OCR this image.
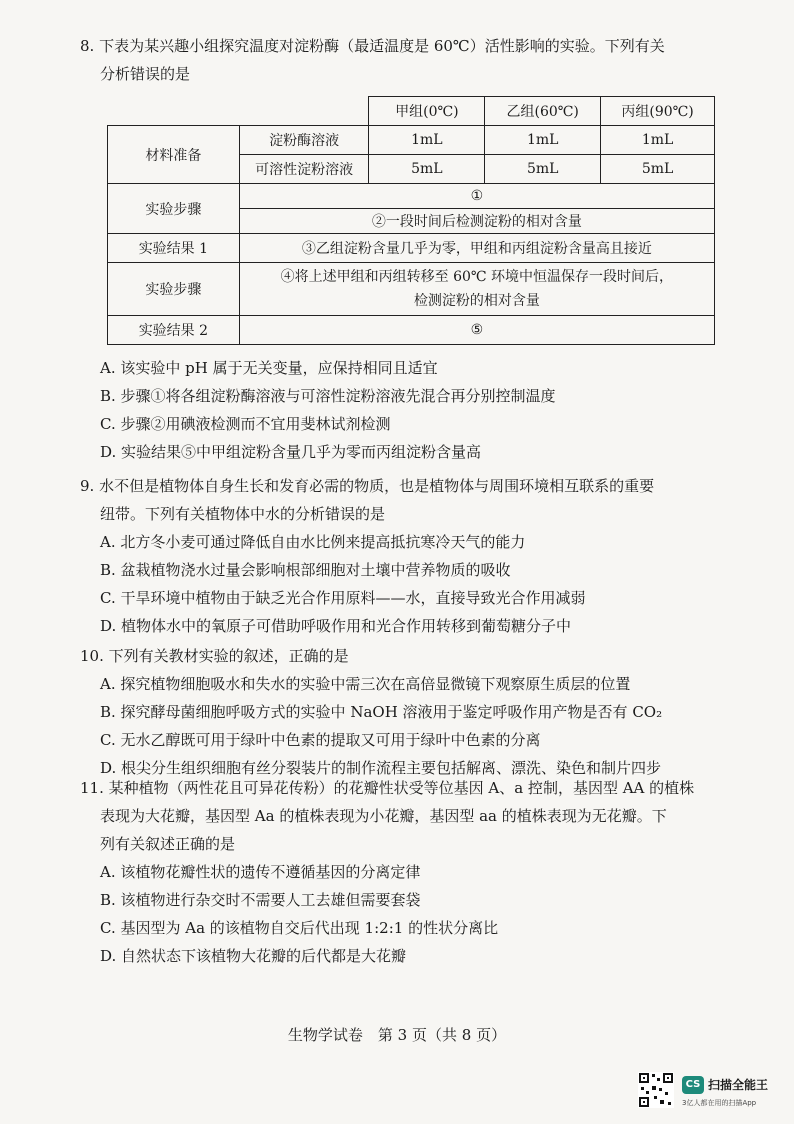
8. 下表为某兴趣小组探究温度对淀粉酶（最适温度是 60℃）活性影响的实验。下列有关

分析错误的是

		甲组(0℃)	乙组(60℃)	丙组(90℃)
材料准备	淀粉酶溶液	1mL	1mL	1mL
	可溶性淀粉溶液	5mL	5mL	5mL
实验步骤	①			
	②一段时间后检测淀粉的相对含量			
实验结果 1	③乙组淀粉含量几乎为零，甲组和丙组淀粉含量高且接近			
实验步骤	④将上述甲组和丙组转移至 60℃ 环境中恒温保存一段时间后，
检测淀粉的相对含量			

实验结果 2	⑤			

A. 该实验中 pH 属于无关变量，应保持相同且适宜

B. 步骤①将各组淀粉酶溶液与可溶性淀粉溶液先混合再分别控制温度

C. 步骤②用碘液检测而不宜用斐林试剂检测

D. 实验结果⑤中甲组淀粉含量几乎为零而丙组淀粉含量高

9. 水不但是植物体自身生长和发育必需的物质，也是植物体与周围环境相互联系的重要

纽带。下列有关植物体中水的分析错误的是

A. 北方冬小麦可通过降低自由水比例来提高抵抗寒冷天气的能力

B. 盆栽植物浇水过量会影响根部细胞对土壤中营养物质的吸收

C. 干旱环境中植物由于缺乏光合作用原料——水，直接导致光合作用减弱

D. 植物体水中的氧原子可借助呼吸作用和光合作用转移到葡萄糖分子中

10. 下列有关教材实验的叙述，正确的是

A. 探究植物细胞吸水和失水的实验中需三次在高倍显微镜下观察原生质层的位置

B. 探究酵母菌细胞呼吸方式的实验中 NaOH 溶液用于鉴定呼吸作用产物是否有 CO₂

C. 无水乙醇既可用于绿叶中色素的提取又可用于绿叶中色素的分离

D. 根尖分生组织细胞有丝分裂装片的制作流程主要包括解离、漂洗、染色和制片四步

11. 某种植物（两性花且可异花传粉）的花瓣性状受等位基因 A、a 控制，基因型 AA 的植株

表现为大花瓣，基因型 Aa 的植株表现为小花瓣，基因型 aa 的植株表现为无花瓣。下

列有关叙述正确的是

A. 该植物花瓣性状的遗传不遵循基因的分离定律

B. 该植物进行杂交时不需要人工去雄但需要套袋

C. 基因型为 Aa 的该植物自交后代出现 1:2:1 的性状分离比

D. 自然状态下该植物大花瓣的后代都是大花瓣

生物学试卷　第 3 页（共 8 页）
CS 扫描全能王
3亿人都在用的扫描App
